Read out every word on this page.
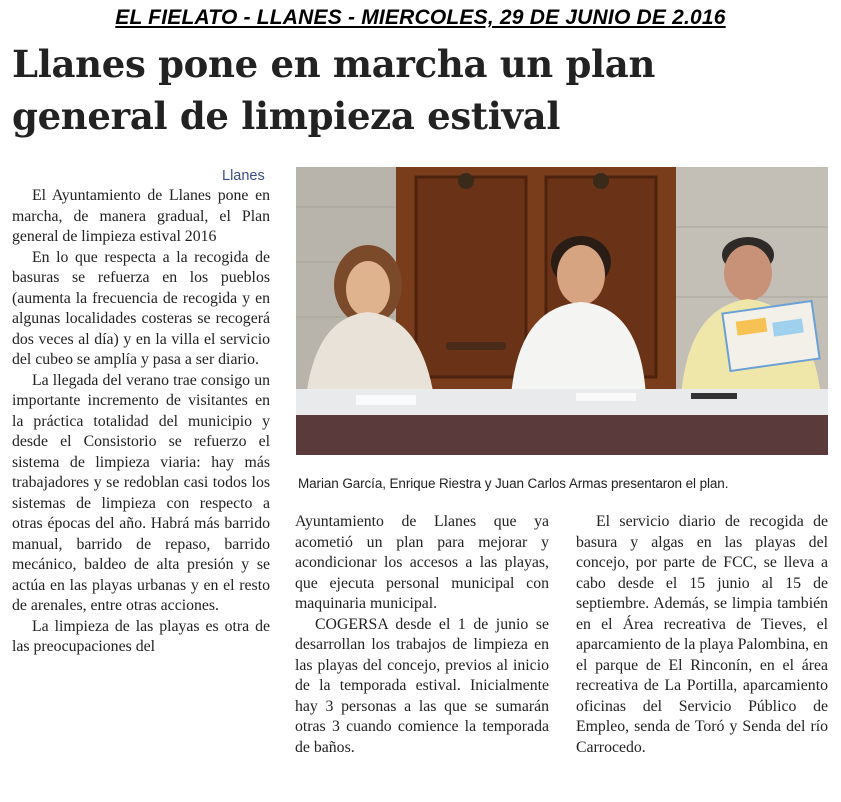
EL FIELATO - LLANES - MIERCOLES, 29 DE JUNIO DE 2.016
Llanes pone en marcha un plan
general de limpieza estival
Llanes

El Ayuntamiento de Llanes pone en marcha, de manera gradual, el Plan general de limpieza estival 2016

En lo que respecta a la recogida de basuras se refuerza en los pueblos (aumenta la frecuencia de recogida y en algunas localidades costeras se recogerá dos veces al día) y en la villa el servicio del cubeo se amplía y pasa a ser diario.

La llegada del verano trae consigo un importante incremento de visitantes en la práctica totalidad del municipio y desde el Consistorio se refuerzo el sistema de limpieza viaria: hay más trabajadores y se redoblan casi todos los sistemas de limpieza con respecto a otras épocas del año. Habrá más barrido manual, barrido de repaso, barrido mecánico, baldeo de alta presión y se actúa en las playas urbanas y en el resto de arenales, entre otras acciones.

La limpieza de las playas es otra de las preocupaciones del

Marian García, Enrique Riestra y Juan Carlos Armas presentaron el plan.

Ayuntamiento de Llanes que ya acometió un plan para mejorar y acondicionar los accesos a las playas, que ejecuta personal municipal con maquinaria municipal.

COGERSA desde el 1 de junio se desarrollan los trabajos de limpieza en las playas del concejo, previos al inicio de la temporada estival. Inicialmente hay 3 personas a las que se sumarán otras 3 cuando comience la temporada de baños.

El servicio diario de recogida de basura y algas en las playas del concejo, por parte de FCC, se lleva a cabo desde el 15 junio al 15 de septiembre. Además, se limpia también en el Área recreativa de Tieves, el aparcamiento de la playa Palombina, en el parque de El Rinconín, en el área recreativa de La Portilla, aparcamiento oficinas del Servicio Público de Empleo, senda de Toró y Senda del río Carrocedo.
